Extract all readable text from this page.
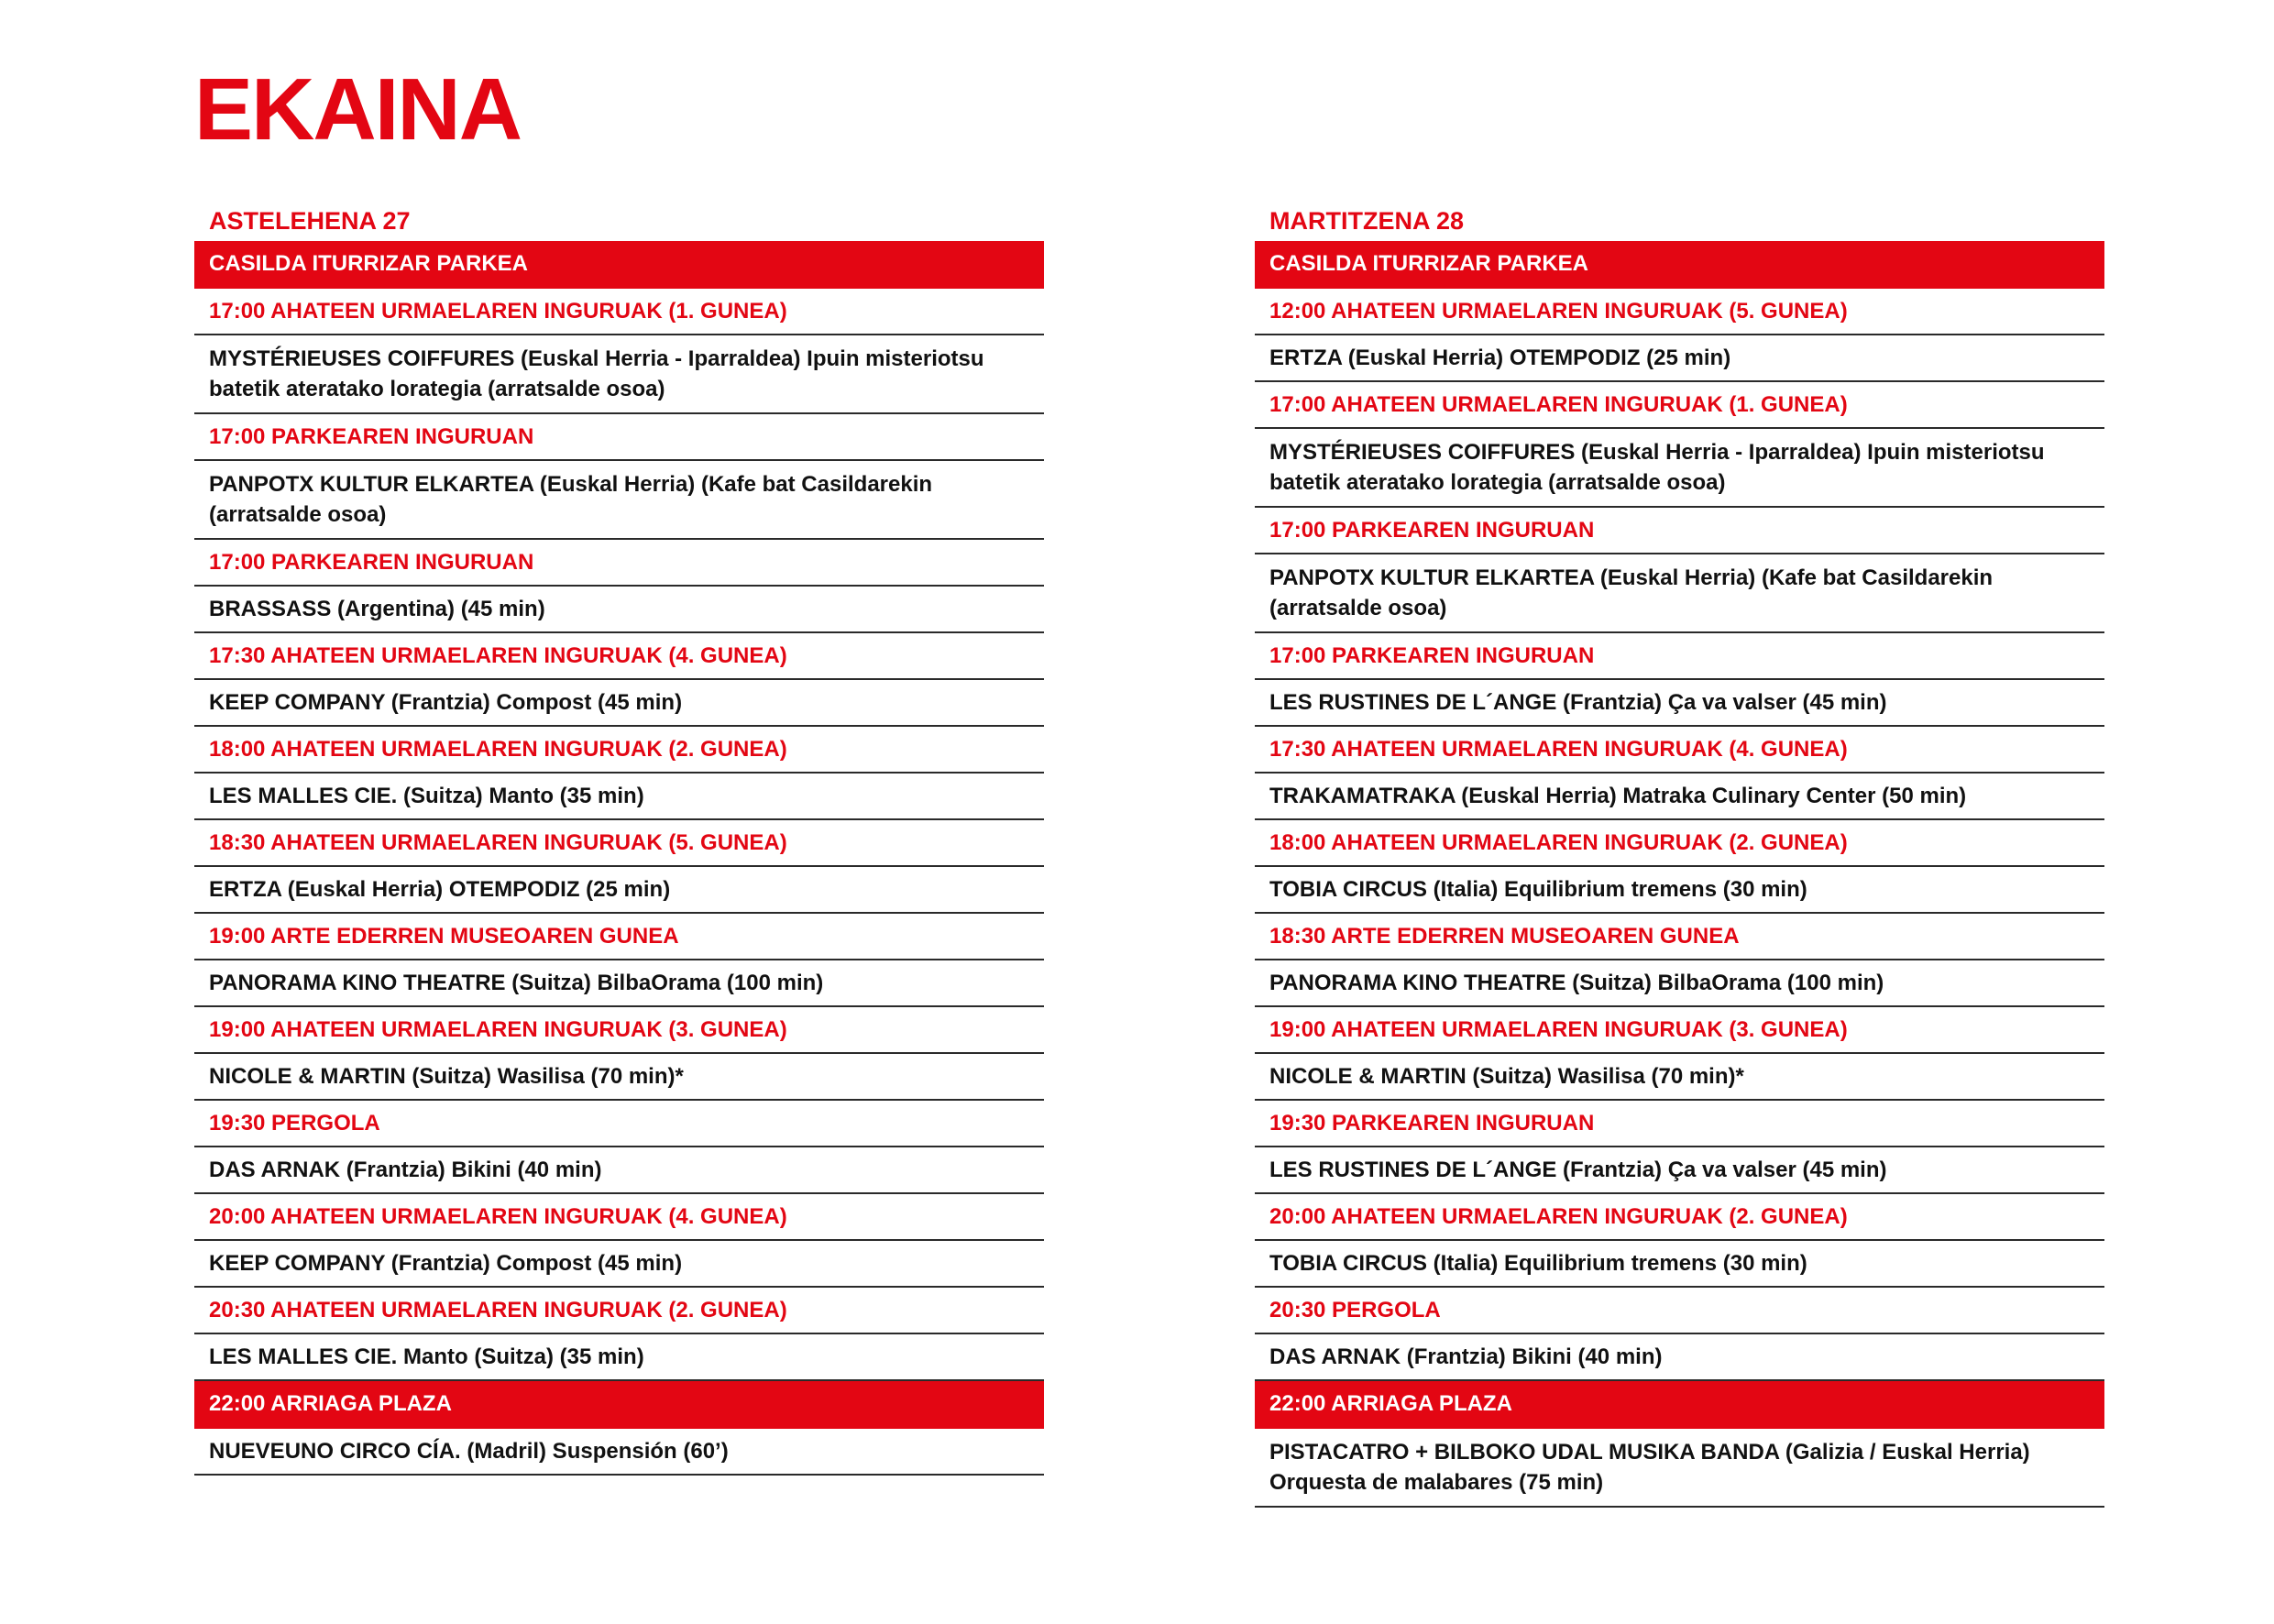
EKAINA
ASTELEHENA 27
CASILDA ITURRIZAR PARKEA
17:00 AHATEEN URMAELAREN INGURUAK (1. GUNEA)
MYSTÉRIEUSES COIFFURES (Euskal Herria - Iparraldea) Ipuin misteriotsu batetik ateratako lorategia (arratsalde osoa)
17:00 PARKEAREN INGURUAN
PANPOTX KULTUR ELKARTEA (Euskal Herria) (Kafe bat Casildarekin (arratsalde osoa)
17:00 PARKEAREN INGURUAN
BRASSASS (Argentina) (45 min)
17:30 AHATEEN URMAELAREN INGURUAK (4. GUNEA)
KEEP COMPANY (Frantzia) Compost (45 min)
18:00 AHATEEN URMAELAREN INGURUAK (2. GUNEA)
LES MALLES CIE. (Suitza) Manto (35 min)
18:30 AHATEEN URMAELAREN INGURUAK (5. GUNEA)
ERTZA (Euskal Herria) OTEMPODIZ (25 min)
19:00 ARTE EDERREN MUSEOAREN GUNEA
PANORAMA KINO THEATRE (Suitza) BilbaOrama (100 min)
19:00 AHATEEN URMAELAREN INGURUAK (3. GUNEA)
NICOLE & MARTIN (Suitza) Wasilisa (70 min)*
19:30 PERGOLA
DAS ARNAK (Frantzia) Bikini (40 min)
20:00 AHATEEN URMAELAREN INGURUAK (4. GUNEA)
KEEP COMPANY (Frantzia) Compost (45 min)
20:30 AHATEEN URMAELAREN INGURUAK (2. GUNEA)
LES MALLES CIE. Manto (Suitza) (35 min)
22:00 ARRIAGA PLAZA
NUEVEUNO CIRCO CÍA. (Madril) Suspensión (60’)
MARTITZENA 28
CASILDA ITURRIZAR PARKEA
12:00 AHATEEN URMAELAREN INGURUAK (5. GUNEA)
ERTZA (Euskal Herria) OTEMPODIZ (25 min)
17:00 AHATEEN URMAELAREN INGURUAK (1. GUNEA)
MYSTÉRIEUSES COIFFURES (Euskal Herria - Iparraldea) Ipuin misteriotsu batetik ateratako lorategia (arratsalde osoa)
17:00 PARKEAREN INGURUAN
PANPOTX KULTUR ELKARTEA (Euskal Herria) (Kafe bat Casildarekin (arratsalde osoa)
17:00 PARKEAREN INGURUAN
LES RUSTINES DE L´ANGE (Frantzia) Ça va valser (45 min)
17:30 AHATEEN URMAELAREN INGURUAK (4. GUNEA)
TRAKAMATRAKA (Euskal Herria) Matraka Culinary Center (50 min)
18:00 AHATEEN URMAELAREN INGURUAK (2. GUNEA)
TOBIA CIRCUS (Italia) Equilibrium tremens (30 min)
18:30 ARTE EDERREN MUSEOAREN GUNEA
PANORAMA KINO THEATRE (Suitza) BilbaOrama (100 min)
19:00 AHATEEN URMAELAREN INGURUAK (3. GUNEA)
NICOLE & MARTIN (Suitza) Wasilisa (70 min)*
19:30 PARKEAREN INGURUAN
LES RUSTINES DE L´ANGE (Frantzia) Ça va valser (45 min)
20:00 AHATEEN URMAELAREN INGURUAK (2. GUNEA)
TOBIA CIRCUS (Italia) Equilibrium tremens (30 min)
20:30 PERGOLA
DAS ARNAK (Frantzia) Bikini (40 min)
22:00 ARRIAGA PLAZA
PISTACATRO + BILBOKO UDAL MUSIKA BANDA (Galizia / Euskal Herria) Orquesta de malabares (75 min)
